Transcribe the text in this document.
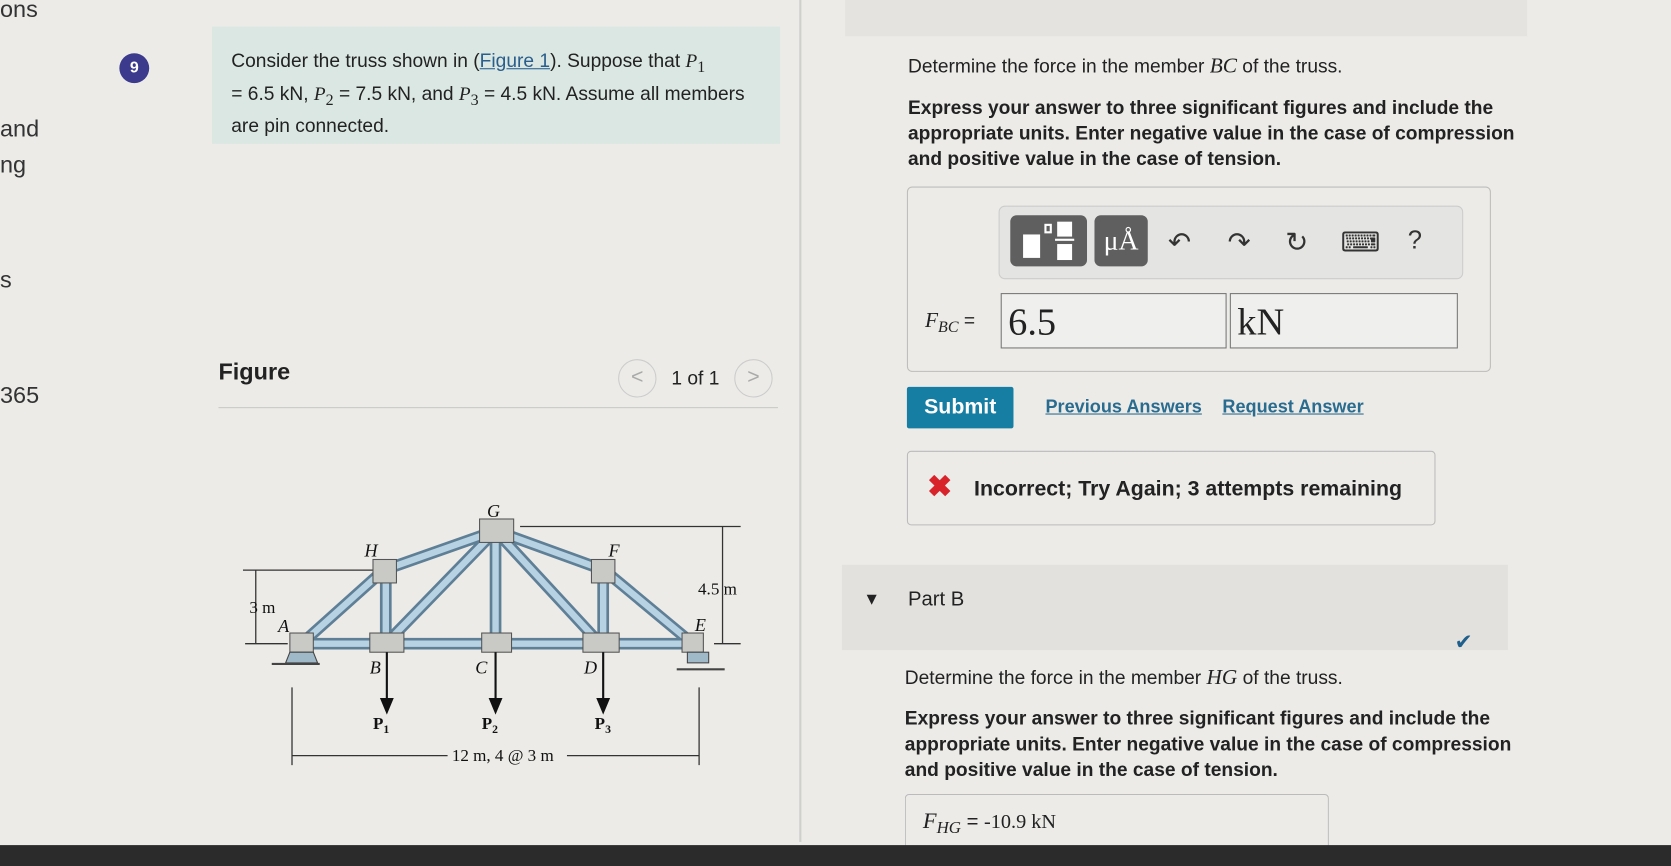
ons
and
ng
s
365
9	Consider the truss shown in (Figure 1). Suppose that $P_1$
= 6.5 kN, $P_2 = 7.5$ kN, and $P_3 = 4.5$ kN. Assume all members are pin connected.
Figure	<	1 of 1	>
G
H	F
A	E
B	C	D
$P_1$	$P_2$	$P_3$
3 m
4.5 m
12 m, 4 @ 3 m
Determine the force in the member BC of the truss.
Express your answer to three significant figures and include the appropriate units. Enter negative value in the case of compression and positive value in the case of tension.
μÅ	↶ ↷ ↻ ⌨ ?
$F_{BC} = 6.5$	kN
Submit	Previous Answers Request Answer
✖ Incorrect; Try Again; 3 attempts remaining
▼ Part B
✔
Determine the force in the member HG of the truss.
Express your answer to three significant figures and include the appropriate units. Enter negative value in the case of compression and positive value in the case of tension.
$F_{HG} = -10.9$ kN
